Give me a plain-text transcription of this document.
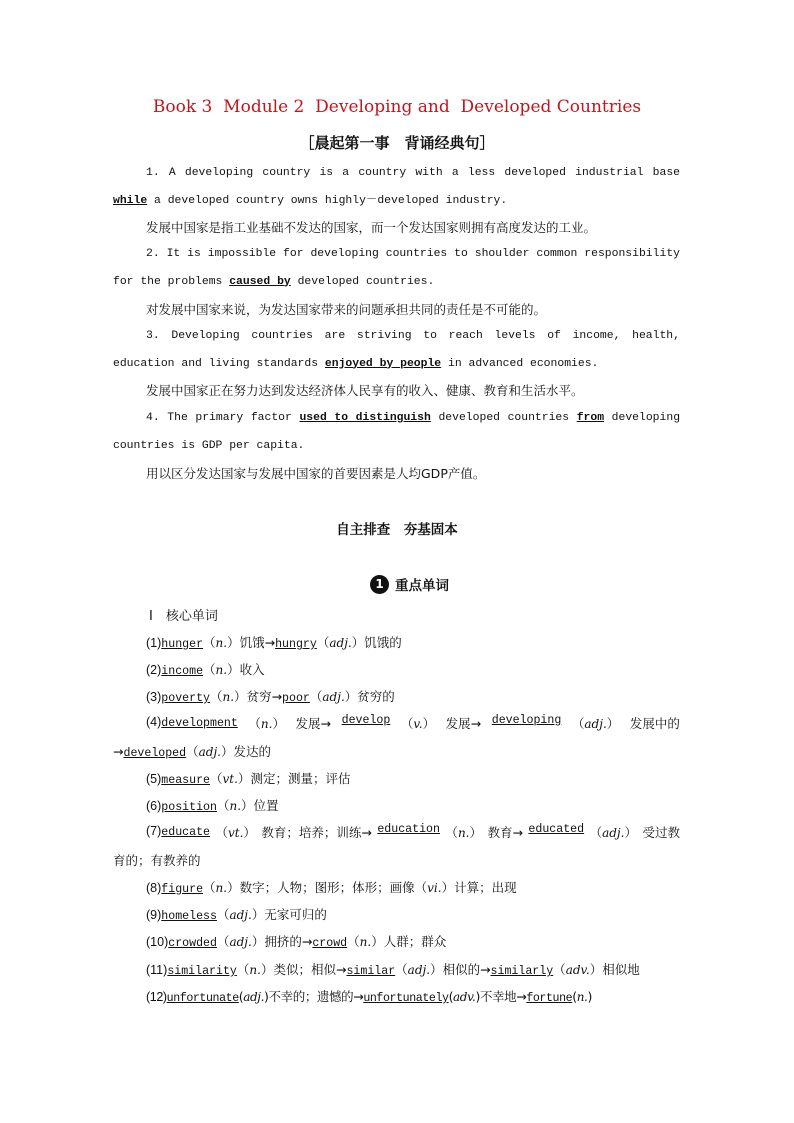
Book 3  Module 2  Developing and  Developed Countries
［晨起第一事　背诵经典句］
1. A developing country is a country with a less developed industrial base while a developed country owns highly－developed industry.
发展中国家是指工业基础不发达的国家，而一个发达国家则拥有高度发达的工业。
2. It is impossible for developing countries to shoulder common responsibility for the problems caused by developed countries.
对发展中国家来说，为发达国家带来的问题承担共同的责任是不可能的。
3. Developing countries are striving to reach levels of income, health, education and living standards enjoyed by people in advanced economies.
发展中国家正在努力达到发达经济体人民享有的收入、健康、教育和生活水平。
4. The primary factor used to distinguish developed countries from developing countries is GDP per capita.
用以区分发达国家与发展中国家的首要因素是人均GDP产值。
自主排查　夯基固本
1 重点单词
Ⅰ　核心单词
(1)hunger（n.）饥饿→hungry（adj.）饥饿的
(2)income（n.）收入
(3)poverty（n.）贫穷→poor（adj.）贫穷的
(4)development （n.） 发展→ develop （v.） 发展→ developing （adj.） 发展中的
→developed（adj.）发达的
(5)measure（vt.）测定；测量；评估
(6)position（n.）位置
(7)educate （vt.） 教育；培养；训练→ education （n.） 教育→ educated （adj.） 受过教
育的；有教养的
(8)figure（n.）数字；人物；图形；体形；画像（vi.）计算；出现
(9)homeless（adj.）无家可归的
(10)crowded（adj.）拥挤的→crowd（n.）人群；群众
(11)similarity（n.）类似；相似→similar（adj.）相似的→similarly（adv.）相似地
(12)unfortunate(adj.)不幸的；遗憾的→unfortunately(adv.)不幸地→fortune(n.)
